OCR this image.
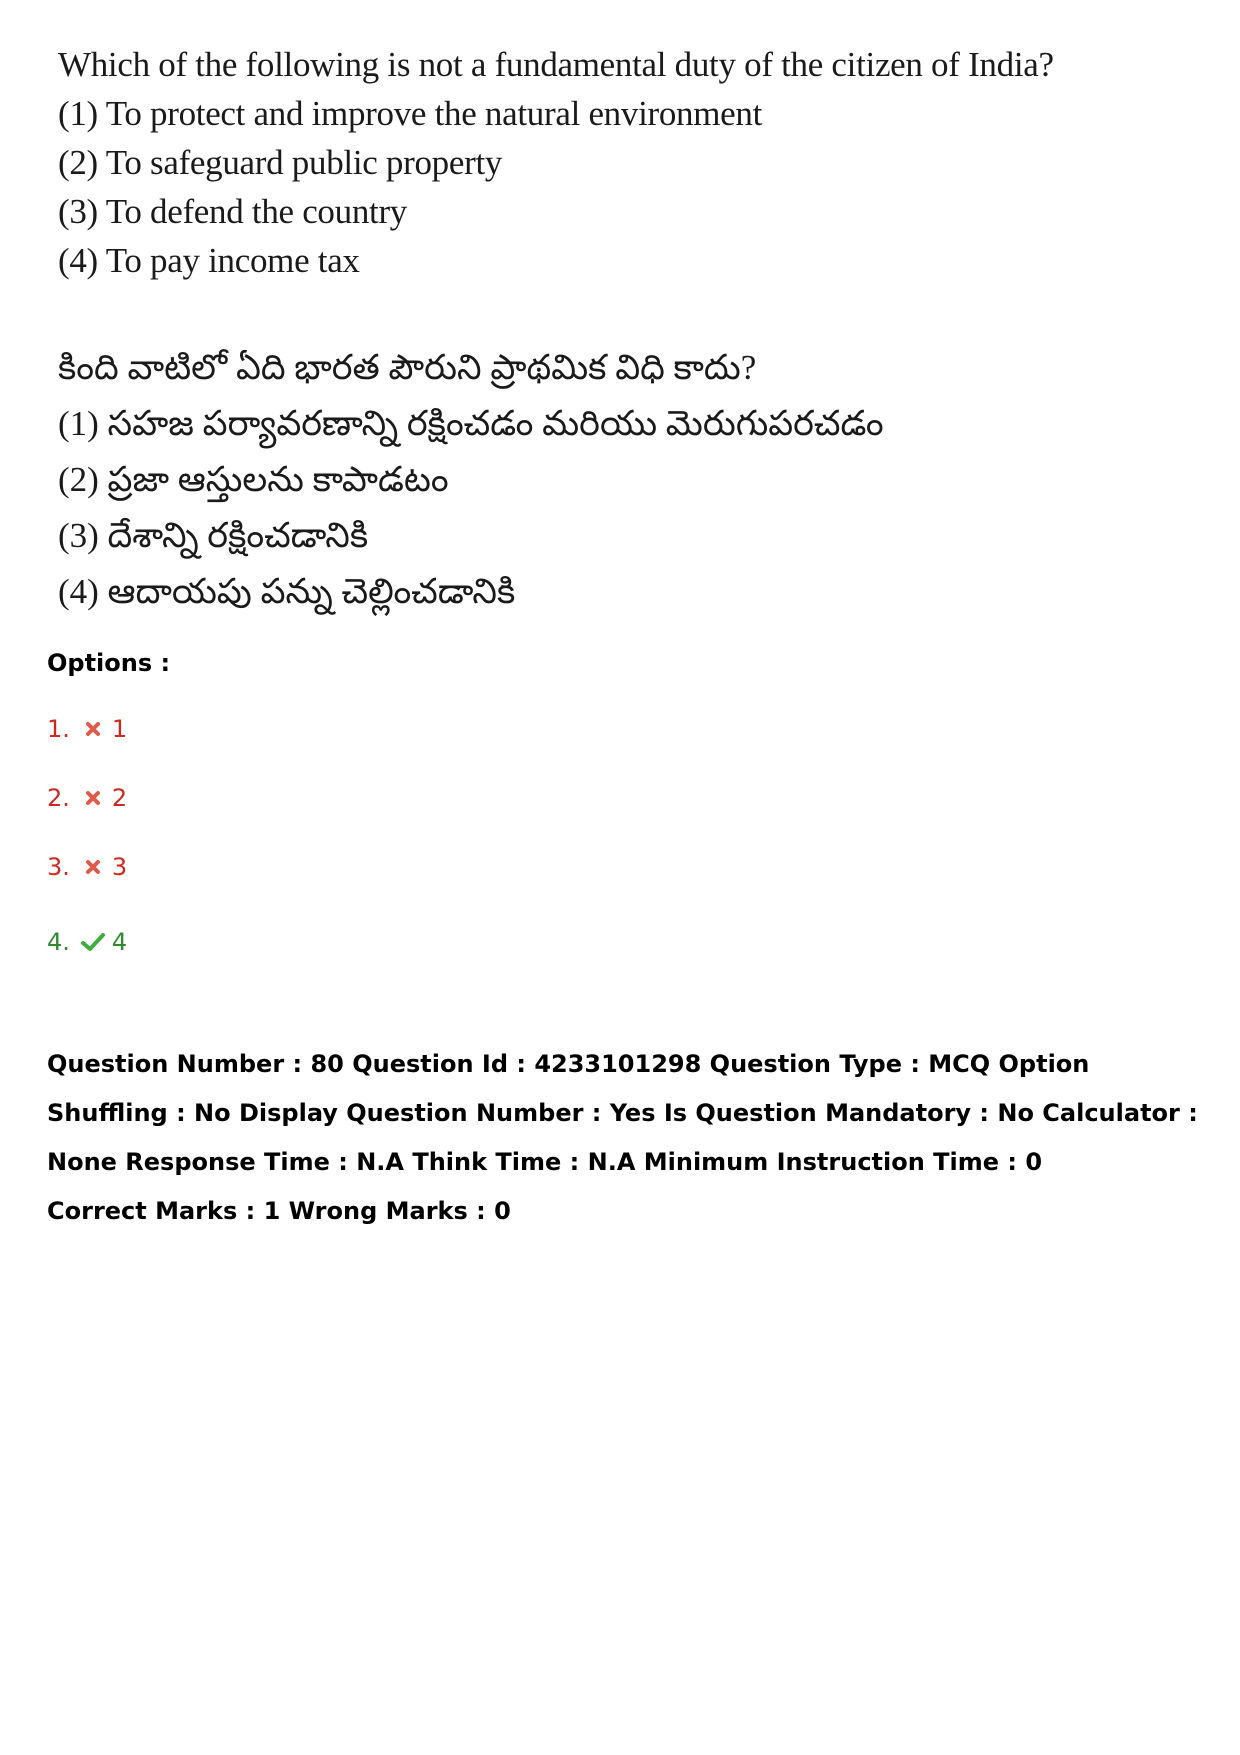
Which of the following is not a fundamental duty of the citizen of India?
(1) To protect and improve the natural environment
(2) To safeguard public property
(3) To defend the country
(4) To pay income tax
కింది వాటిలో ఏది భారత పౌరుని ప్రాథమిక విధి కాదు?
(1) సహజ పర్యావరణాన్ని రక్షించడం మరియు మెరుగుపరచడం
(2) ప్రజా ఆస్తులను కాపాడటం
(3) దేశాన్ని రక్షించడానికి
(4) ఆదాయపు పన్ను చెల్లించడానికి
Options :
1. 1
2. 2
3. 3
4. 4
Question Number : 80 Question Id : 4233101298 Question Type : MCQ Option Shuffling : No Display Question Number : Yes Is Question Mandatory : No Calculator : None Response Time : N.A Think Time : N.A Minimum Instruction Time : 0
Correct Marks : 1 Wrong Marks : 0
